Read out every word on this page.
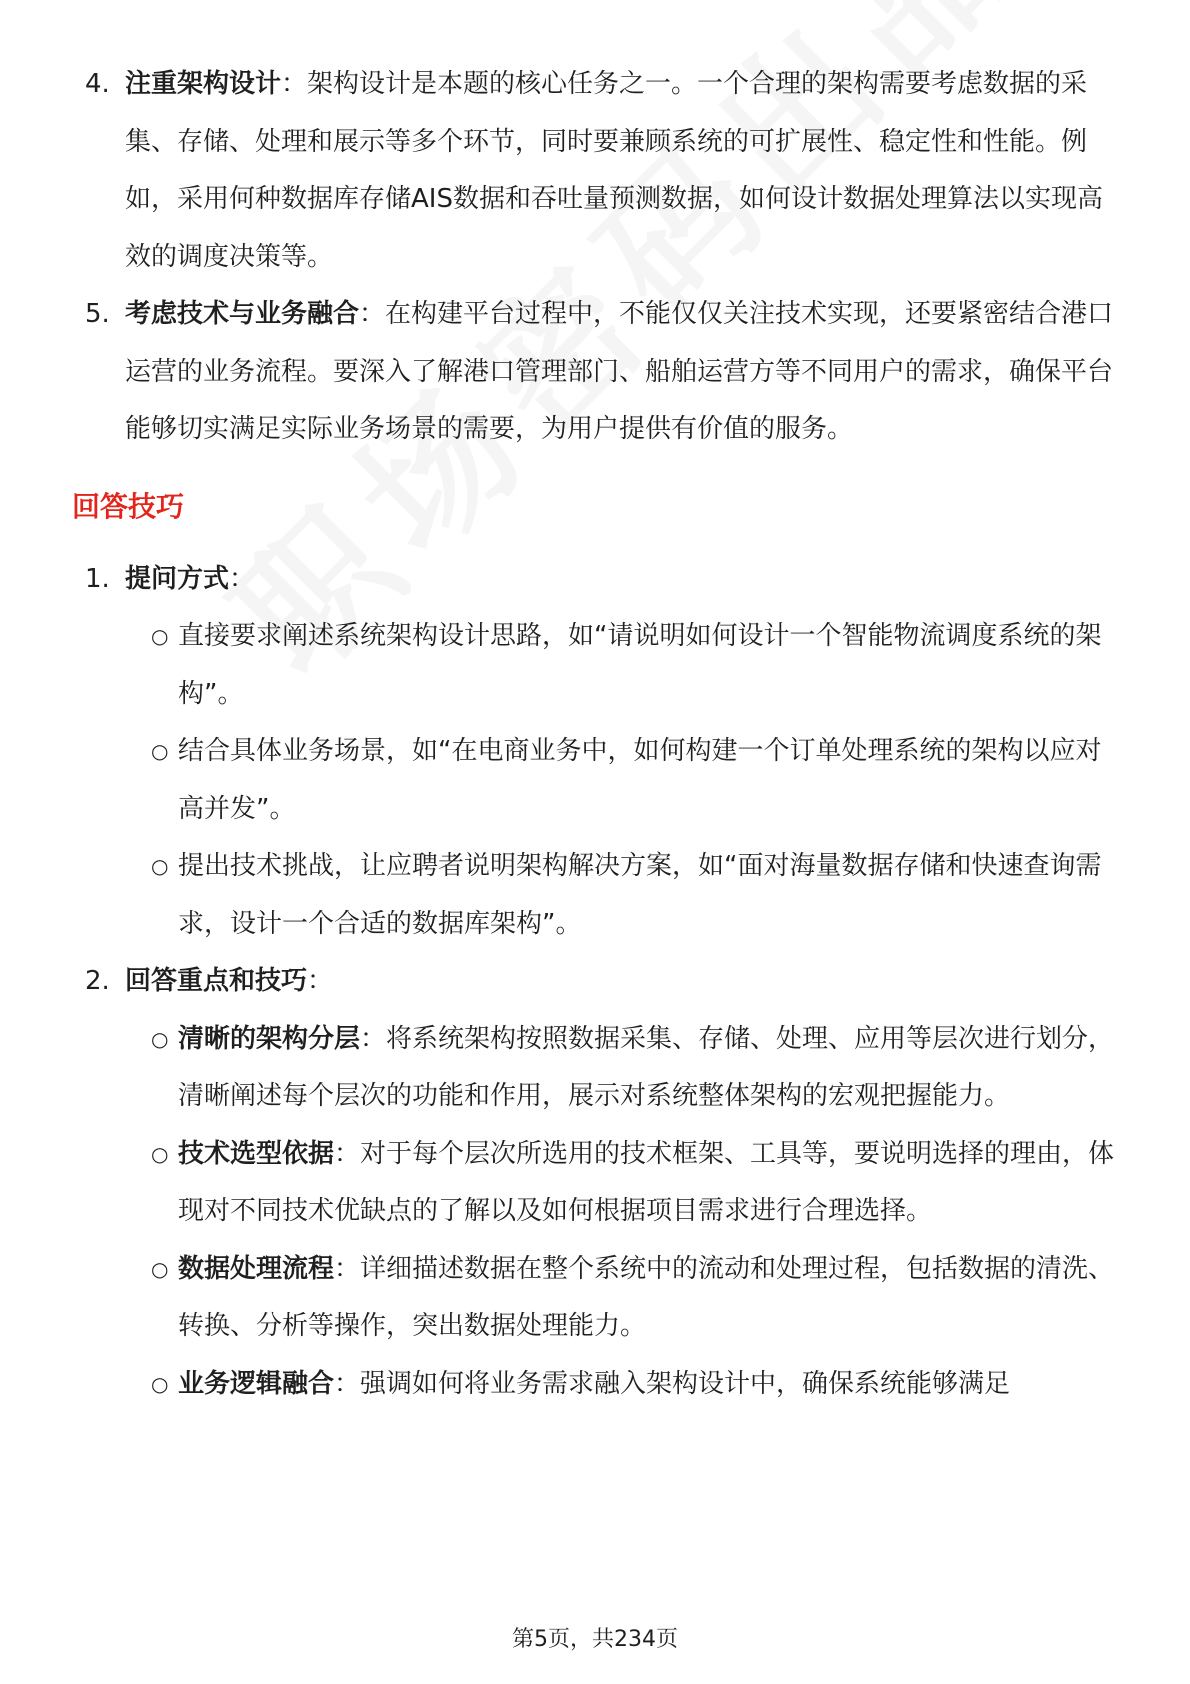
4. 注重架构设计：架构设计是本题的核心任务之一。一个合理的架构需要考虑数据的采集、存储、处理和展示等多个环节，同时要兼顾系统的可扩展性、稳定性和性能。例如，采用何种数据库存储AIS数据和吞吐量预测数据，如何设计数据处理算法以实现高效的调度决策等。
5. 考虑技术与业务融合：在构建平台过程中，不能仅仅关注技术实现，还要紧密结合港口运营的业务流程。要深入了解港口管理部门、船舶运营方等不同用户的需求，确保平台能够切实满足实际业务场景的需要，为用户提供有价值的服务。
回答技巧
1. 提问方式：
○ 直接要求阐述系统架构设计思路，如“请说明如何设计一个智能物流调度系统的架构”。
○ 结合具体业务场景，如“在电商业务中，如何构建一个订单处理系统的架构以应对高并发”。
○ 提出技术挑战，让应聘者说明架构解决方案，如“面对海量数据存储和快速查询需求，设计一个合适的数据库架构”。
2. 回答重点和技巧：
○ 清晰的架构分层：将系统架构按照数据采集、存储、处理、应用等层次进行划分，清晰阐述每个层次的功能和作用，展示对系统整体架构的宏观把握能力。
○ 技术选型依据：对于每个层次所选用的技术框架、工具等，要说明选择的理由，体现对不同技术优缺点的了解以及如何根据项目需求进行合理选择。
○ 数据处理流程：详细描述数据在整个系统中的流动和处理过程，包括数据的清洗、转换、分析等操作，突出数据处理能力。
○ 业务逻辑融合：强调如何将业务需求融入架构设计中，确保系统能够满足
第5页，共234页
